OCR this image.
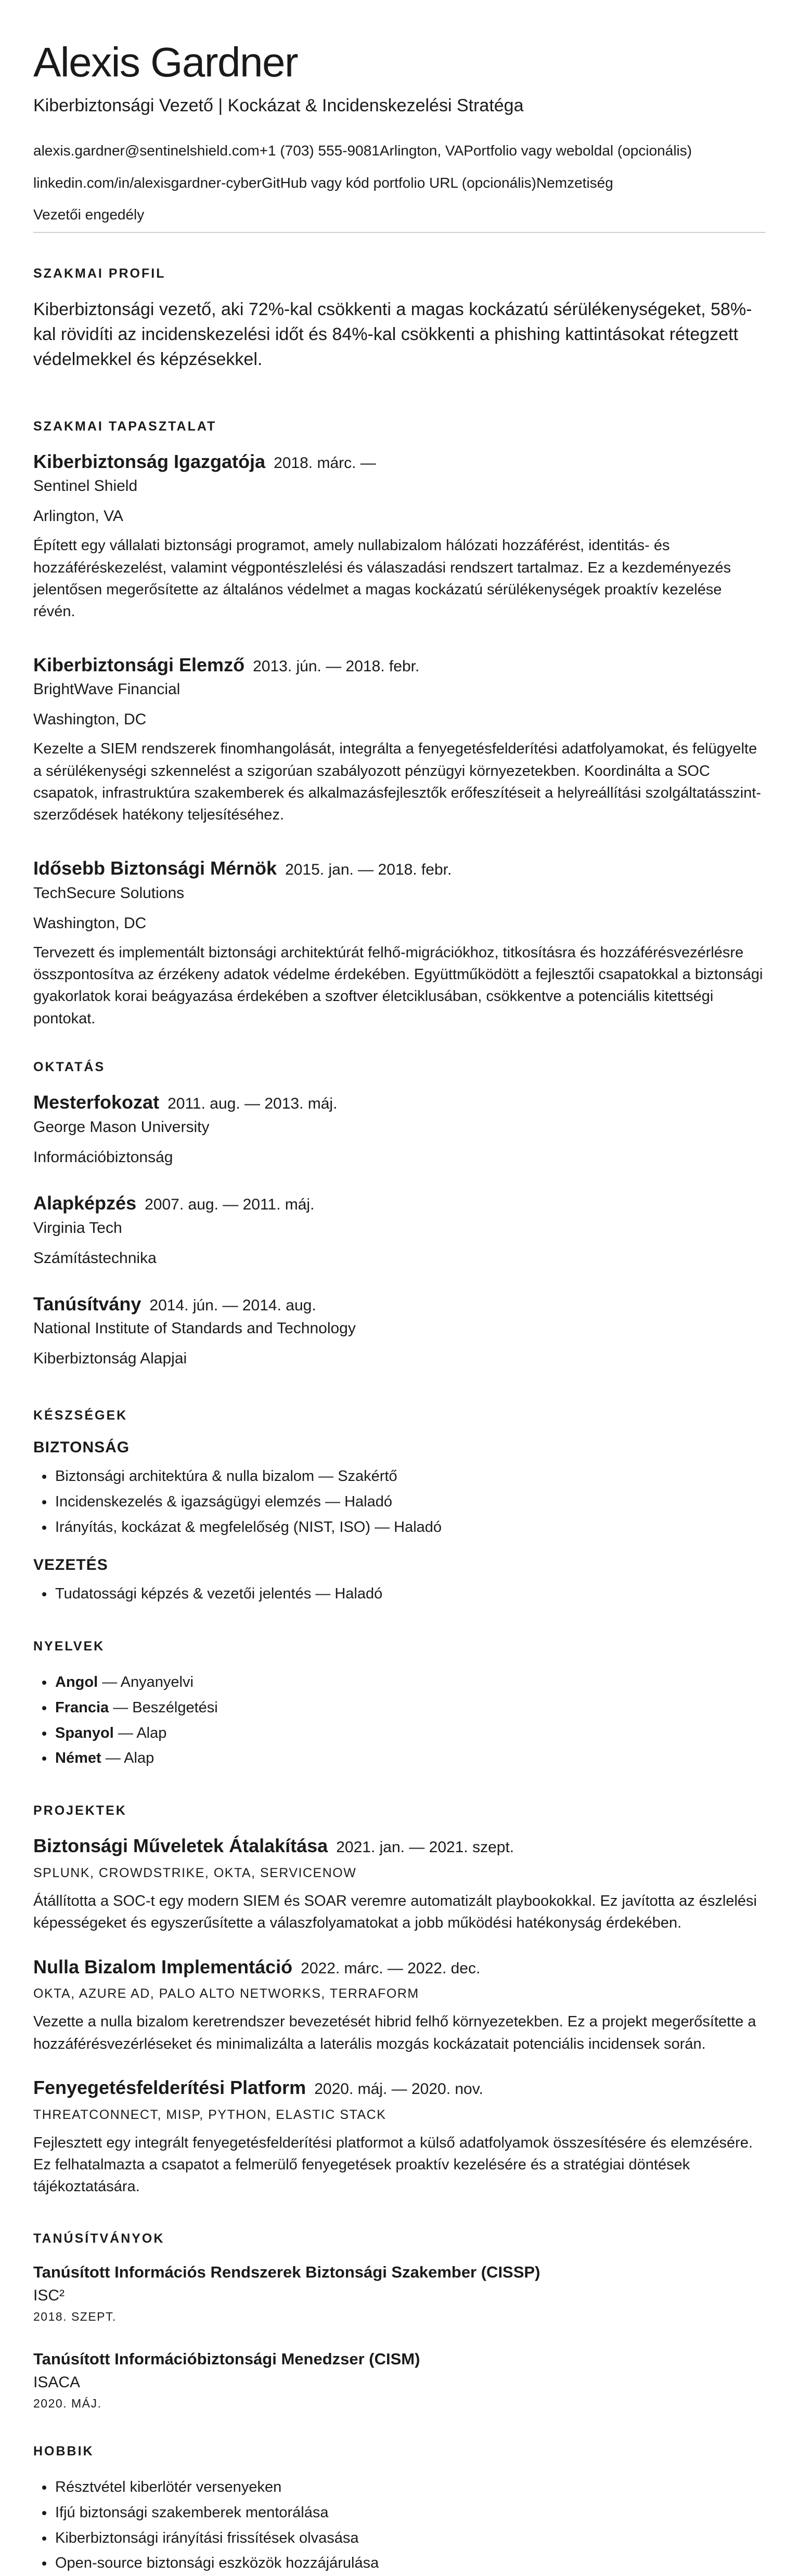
Alexis Gardner
Kiberbiztonsági Vezető | Kockázat & Incidenskezelési Stratéga
alexis.gardner@sentinelshield.com+1 (703) 555-9081Arlington, VAPortfolio vagy weboldal (opcionális)
linkedin.com/in/alexisgardner-cyberGitHub vagy kód portfolio URL (opcionális)Nemzetiség
Vezetői engedély
SZAKMAI PROFIL
Kiberbiztonsági vezető, aki 72%-kal csökkenti a magas kockázatú sérülékenységeket, 58%-kal rövidíti az incidenskezelési időt és 84%-kal csökkenti a phishing kattintásokat rétegzett védelmekkel és képzésekkel.
SZAKMAI TAPASZTALAT
Kiberbiztonság Igazgatója 2018. márc. —
Sentinel Shield
Arlington, VA
Épített egy vállalati biztonsági programot, amely nullabizalom hálózati hozzáférést, identitás- és hozzáféréskezelést, valamint végpontészlelési és válaszadási rendszert tartalmaz. Ez a kezdeményezés jelentősen megerősítette az általános védelmet a magas kockázatú sérülékenységek proaktív kezelése révén.
Kiberbiztonsági Elemző 2013. jún. — 2018. febr.
BrightWave Financial
Washington, DC
Kezelte a SIEM rendszerek finomhangolását, integrálta a fenyegetésfelderítési adatfolyamokat, és felügyelte a sérülékenységi szkennelést a szigorúan szabályozott pénzügyi környezetekben. Koordinálta a SOC csapatok, infrastruktúra szakemberek és alkalmazásfejlesztők erőfeszítéseit a helyreállítási szolgáltatásszint-szerződések hatékony teljesítéséhez.
Idősebb Biztonsági Mérnök 2015. jan. — 2018. febr.
TechSecure Solutions
Washington, DC
Tervezett és implementált biztonsági architektúrát felhő-migrációkhoz, titkosításra és hozzáférésvezérlésre összpontosítva az érzékeny adatok védelme érdekében. Együttműködött a fejlesztői csapatokkal a biztonsági gyakorlatok korai beágyazása érdekében a szoftver életciklusában, csökkentve a potenciális kitettségi pontokat.
OKTATÁS
Mesterfokozat 2011. aug. — 2013. máj.
George Mason University
Információbiztonság
Alapképzés 2007. aug. — 2011. máj.
Virginia Tech
Számítástechnika
Tanúsítvány 2014. jún. — 2014. aug.
National Institute of Standards and Technology
Kiberbiztonság Alapjai
KÉSZSÉGEK
BIZTONSÁG
• Biztonsági architektúra & nulla bizalom — Szakértő
• Incidenskezelés & igazságügyi elemzés — Haladó
• Irányítás, kockázat & megfelelőség (NIST, ISO) — Haladó
VEZETÉS
• Tudatossági képzés & vezetői jelentés — Haladó
NYELVEK
• Angol — Anyanyelvi
• Francia — Beszélgetési
• Spanyol — Alap
• Német — Alap
PROJEKTEK
Biztonsági Műveletek Átalakítása 2021. jan. — 2021. szept.
SPLUNK, CROWDSTRIKE, OKTA, SERVICENOW
Átállította a SOC-t egy modern SIEM és SOAR veremre automatizált playbookokkal. Ez javította az észlelési képességeket és egyszerűsítette a válaszfolyamatokat a jobb működési hatékonyság érdekében.
Nulla Bizalom Implementáció 2022. márc. — 2022. dec.
OKTA, AZURE AD, PALO ALTO NETWORKS, TERRAFORM
Vezette a nulla bizalom keretrendszer bevezetését hibrid felhő környezetekben. Ez a projekt megerősítette a hozzáférésvezérléseket és minimalizálta a laterális mozgás kockázatait potenciális incidensek során.
Fenyegetésfelderítési Platform 2020. máj. — 2020. nov.
THREATCONNECT, MISP, PYTHON, ELASTIC STACK
Fejlesztett egy integrált fenyegetésfelderítési platformot a külső adatfolyamok összesítésére és elemzésére. Ez felhatalmazta a csapatot a felmerülő fenyegetések proaktív kezelésére és a stratégiai döntések tájékoztatására.
TANÚSÍTVÁNYOK
Tanúsított Információs Rendszerek Biztonsági Szakember (CISSP)
ISC²
2018. SZEPT.
Tanúsított Információbiztonsági Menedzser (CISM)
ISACA
2020. MÁJ.
HOBBIK
• Résztvétel kiberlötér versenyeken
• Ifjú biztonsági szakemberek mentorálása
• Kiberbiztonsági irányítási frissítések olvasása
• Open-source biztonsági eszközök hozzájárulása
